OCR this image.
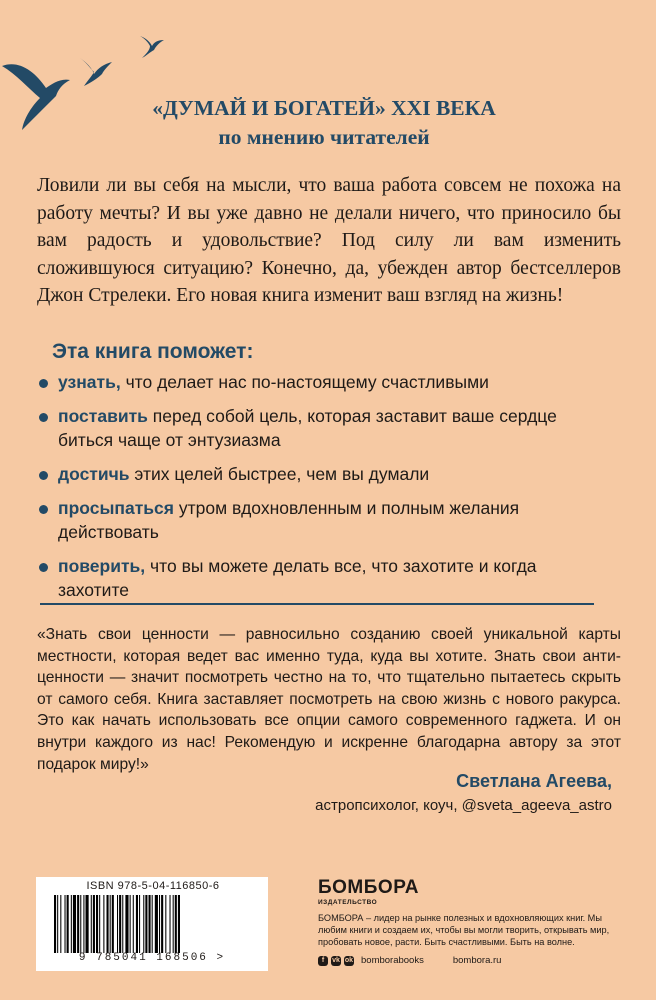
«ДУМАЙ И БОГАТЕЙ» XXI ВЕКА
по мнению читателей
Ловили ли вы себя на мысли, что ваша работа совсем не похожа на работу мечты? И вы уже давно не делали ничего, что приносило бы вам радость и удовольствие? Под силу ли вам изменить сложившуюся ситуацию? Конечно, да, убежден автор бестселлеров Джон Стрелеки. Его новая книга изменит ваш взгляд на жизнь!
Эта книга поможет:
узнать, что делает нас по-настоящему счастливыми
поставить перед собой цель, которая заставит ваше сердце биться чаще от энтузиазма
достичь этих целей быстрее, чем вы думали
просыпаться утром вдохновленным и полным желания действовать
поверить, что вы можете делать все, что захотите и когда захотите
«Знать свои ценности — равносильно созданию своей уникальной карты местности, которая ведет вас именно туда, куда вы хотите. Знать свои антиценности — значит посмотреть честно на то, что тщательно пытаетесь скрыть от самого себя. Книга заставляет посмотреть на свою жизнь с нового ракурса. Это как начать использовать все опции самого современного гаджета. И он внутри каждого из нас! Рекомендую и искренне благодарна автору за этот подарок миру!»
Светлана Агеева,
астропсихолог, коуч, @sveta_ageeva_astro
ISBN 978-5-04-116850-6
9 785041 168506 >
БОМБОРА
ИЗДАТЕЛЬСТВО
БОМБОРА – лидер на рынке полезных и вдохновляющих книг. Мы любим книги и создаем их, чтобы вы могли творить, открывать мир, пробовать новое, расти. Быть счастливыми. Быть на волне.
f	vk ok bomborabooks	bombora.ru
